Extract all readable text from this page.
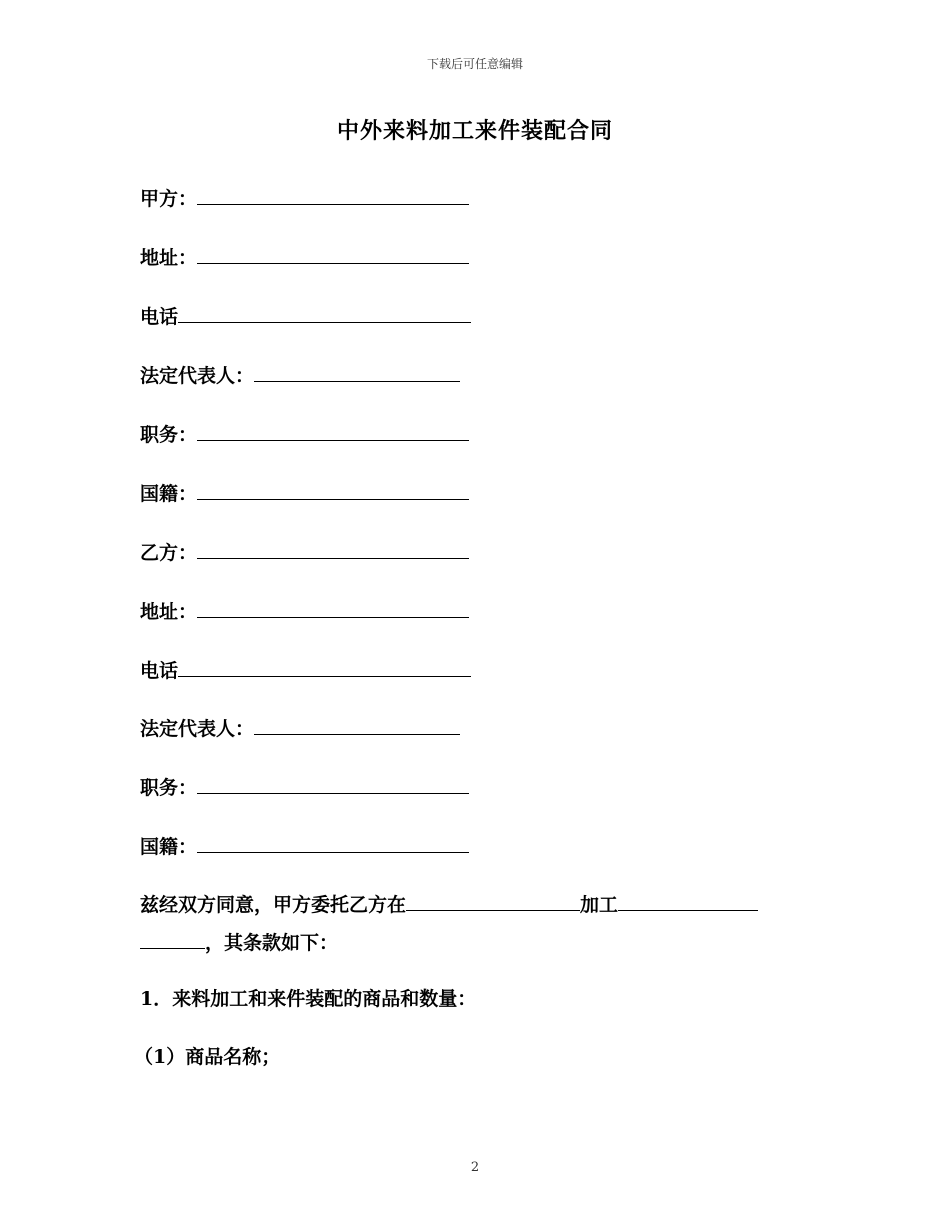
下载后可任意编辑
中外来料加工来件装配合同
甲方：
地址：
电话
法定代表人：
职务：
国籍：
乙方：
地址：
电话
法定代表人：
职务：
国籍：
兹经双方同意，甲方委托乙方在	加工
，其条款如下：
1．来料加工和来件装配的商品和数量：
（1）商品名称；
2
